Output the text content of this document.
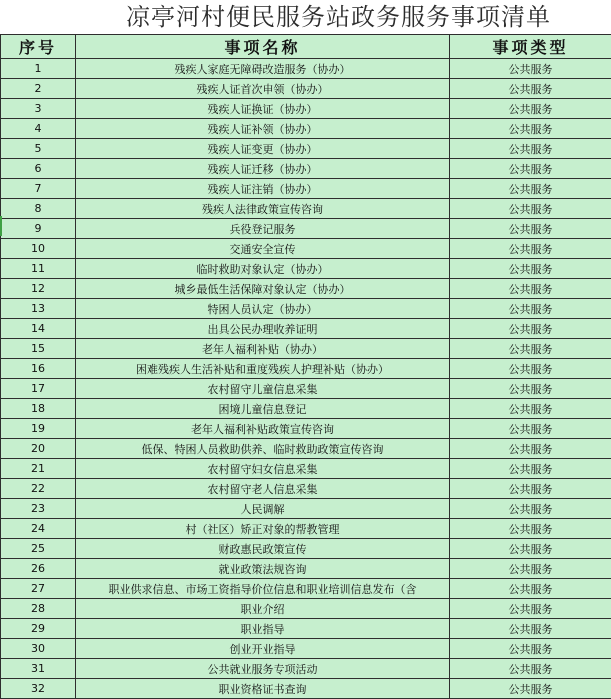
凉亭河村便民服务站政务服务事项清单
序号	事项名称	事项类型
1	残疾人家庭无障碍改造服务（协办）	公共服务
2	残疾人证首次申领（协办）	公共服务
3	残疾人证换证（协办）	公共服务
4	残疾人证补领（协办）	公共服务
5	残疾人证变更（协办）	公共服务
6	残疾人证迁移（协办）	公共服务
7	残疾人证注销（协办）	公共服务
8	残疾人法律政策宣传咨询	公共服务
9	兵役登记服务	公共服务
10	交通安全宣传	公共服务
11	临时救助对象认定（协办）	公共服务
12	城乡最低生活保障对象认定（协办）	公共服务
13	特困人员认定（协办）	公共服务
14	出具公民办理收养证明	公共服务
15	老年人福利补贴（协办）	公共服务
16	困难残疾人生活补贴和重度残疾人护理补贴（协办）	公共服务
17	农村留守儿童信息采集	公共服务
18	困境儿童信息登记	公共服务
19	老年人福利补贴政策宣传咨询	公共服务
20	低保、特困人员救助供养、临时救助政策宣传咨询	公共服务
21	农村留守妇女信息采集	公共服务
22	农村留守老人信息采集	公共服务
23	人民调解	公共服务
24	村（社区）矫正对象的帮教管理	公共服务
25	财政惠民政策宣传	公共服务
26	就业政策法规咨询	公共服务
27	职业供求信息、市场工资指导价位信息和职业培训信息发布（含	公共服务
28	职业介绍	公共服务
29	职业指导	公共服务
30	创业开业指导	公共服务
31	公共就业服务专项活动	公共服务
32	职业资格证书查询	公共服务
